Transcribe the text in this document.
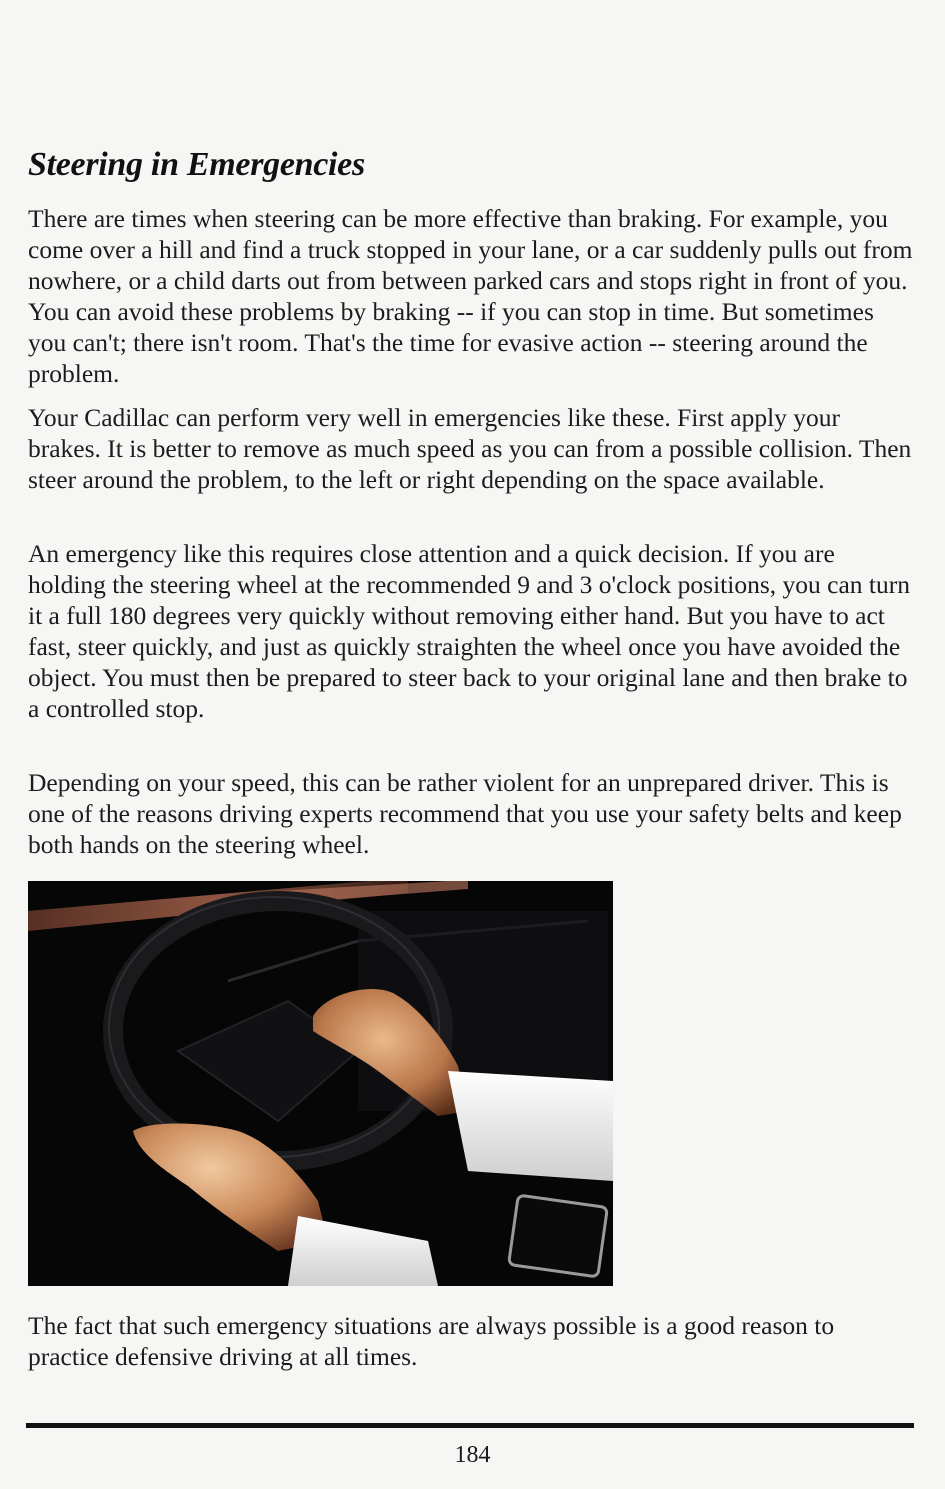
Steering in Emergencies

There are times when steering can be more effective than braking. For example, you come over a hill and find a truck stopped in your lane, or a car suddenly pulls out from nowhere, or a child darts out from between parked cars and stops right in front of you. You can avoid these problems by braking -- if you can stop in time. But sometimes you can't; there isn't room. That's the time for evasive action -- steering around the problem.

Your Cadillac can perform very well in emergencies like these. First apply your brakes. It is better to remove as much speed as you can from a possible collision. Then steer around the problem, to the left or right depending on the space available.

An emergency like this requires close attention and a quick decision. If you are holding the steering wheel at the recommended 9 and 3 o'clock positions, you can turn it a full 180 degrees very quickly without removing either hand. But you have to act fast, steer quickly, and just as quickly straighten the wheel once you have avoided the object. You must then be prepared to steer back to your original lane and then brake to a controlled stop.

Depending on your speed, this can be rather violent for an unprepared driver. This is one of the reasons driving experts recommend that you use your safety belts and keep both hands on the steering wheel.

The fact that such emergency situations are always possible is a good reason to practice defensive driving at all times.

184
